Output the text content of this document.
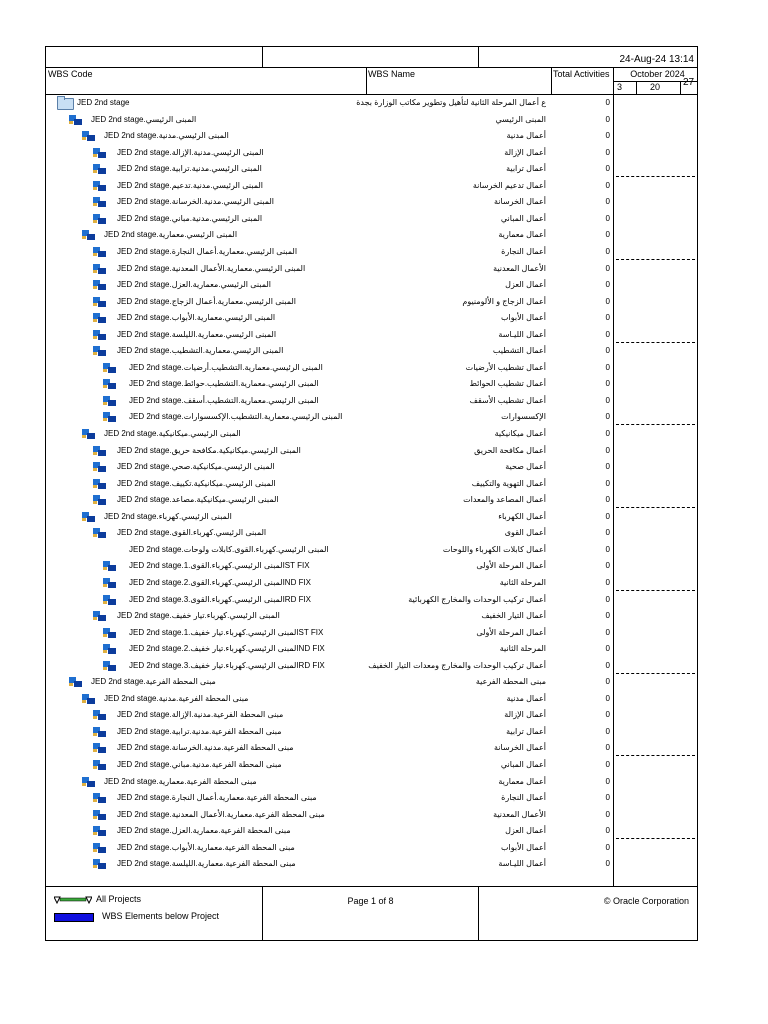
24-Aug-24 13:14
WBS Code	WBS Name	Total Activities	October 2024
3	20 27
JED 2nd stage	ع أعمال المرحلة الثانية لتأهيل وتطوير مكاتب الوزارة بجدة	0
JED 2nd stage.المبنى الرئيسي	المبنى الرئيسي	0
JED 2nd stage.المبنى الرئيسي.مدنية	أعمال مدنية	0
JED 2nd stage.المبنى الرئيسي.مدنية.الإزالة	أعمال الإزالة	0
JED 2nd stage.المبنى الرئيسي.مدنية.ترابية	أعمال ترابية	0
JED 2nd stage.المبنى الرئيسي.مدنية.تدعيم	أعمال تدعيم الخرسانة	0
JED 2nd stage.المبنى الرئيسي.مدنية.الخرسانة	أعمال الخرسانة	0
JED 2nd stage.المبنى الرئيسي.مدنية.مباني	أعمال المباني	0
JED 2nd stage.المبنى الرئيسي.معمارية	أعمال معمارية	0
JED 2nd stage.المبنى الرئيسي.معمارية.أعمال النجارة	أعمال النجارة	0
JED 2nd stage.المبنى الرئيسي.معمارية.الأعمال المعدنية	الأعمال المعدنية	0
JED 2nd stage.المبنى الرئيسي.معمارية.العزل	أعمال العزل	0
JED 2nd stage.المبنى الرئيسي.معمارية.أعمال الزجاج	أعمال الزجاج و الألومنيوم	0
JED 2nd stage.المبنى الرئيسي.معمارية.الأبواب	أعمال الأبواب	0
JED 2nd stage.المبنى الرئيسي.معمارية.الليلسة	أعمال الليـاسة	0
JED 2nd stage.المبنى الرئيسي.معمارية.التشطيب	أعمال التشطيب	0
JED 2nd stage.المبنى الرئيسي.معمارية.التشطيب.أرضيات	أعمال تشطيب الأرضيات	0
JED 2nd stage.المبنى الرئيسي.معمارية.التشطيب.حوائط	أعمال تشطيب الحوائط	0
JED 2nd stage.المبنى الرئيسي.معمارية.التشطيب.أسقف	أعمال تشطيب الأسقف	0
JED 2nd stage.المبنى الرئيسي.معمارية.التشطيب.الإكسسوارات	الإكسسوارات	0
JED 2nd stage.المبنى الرئيسي.ميكانيكية	أعمال ميكانيكية	0
JED 2nd stage.المبنى الرئيسي.ميكانيكية.مكافحة حريق	أعمال مكافحة الحريق	0
JED 2nd stage.المبنى الرئيسي.ميكانيكية.صحي	أعمال صحية	0
JED 2nd stage.المبنى الرئيسي.ميكانيكية.تكييف	أعمال التهوية والتكييف	0
JED 2nd stage.المبنى الرئيسي.ميكانيكية.مصاعد	أعمال المصاعد والمعدات	0
JED 2nd stage.المبنى الرئيسي.كهرباء	أعمال الكهرباء	0
JED 2nd stage.المبنى الرئيسي.كهرباء.القوى	أعمال القوى	0
JED 2nd stage.المبنى الرئيسي.كهرباء.القوى.كابلات ولوحات	أعمال كابلات الكهرباء واللوحات	0
JED 2nd stage.المبنى الرئيسي.كهرباء.القوى.1ST FIX	أعمال المرحلة الأولى	0
JED 2nd stage.المبنى الرئيسي.كهرباء.القوى.2ND FIX	المرحلة الثانية	0
JED 2nd stage.المبنى الرئيسي.كهرباء.القوى.3RD FIX	أعمال تركيب الوحدات والمخارج الكهربائية	0
JED 2nd stage.المبنى الرئيسي.كهرباء.تيار خفيف	أعمال التيار الخفيف	0
JED 2nd stage.المبنى الرئيسي.كهرباء.تيار خفيف.1ST FIX	أعمال المرحلة الأولى	0
JED 2nd stage.المبنى الرئيسي.كهرباء.تيار خفيف.2ND FIX	المرحلة الثانية	0
JED 2nd stage.المبنى الرئيسي.كهرباء.تيار خفيف.3RD FIX	أعمال تركيب الوحدات والمخارج ومعدات التيار الخفيف	0
JED 2nd stage.مبنى المحطة الفرعية	مبنى المحطة الفرعية	0
JED 2nd stage.مبنى المحطة الفرعية.مدنية	أعمال مدنية	0
JED 2nd stage.مبنى المحطة الفرعية.مدنية.الإزالة	أعمال الإزالة	0
JED 2nd stage.مبنى المحطة الفرعية.مدنية.ترابية	أعمال ترابية	0
JED 2nd stage.مبنى المحطة الفرعية.مدنية.الخرسانة	أعمال الخرسانة	0
JED 2nd stage.مبنى المحطة الفرعية.مدنية.مباني	أعمال المباني	0
JED 2nd stage.مبنى المحطة الفرعية.معمارية	أعمال معمارية	0
JED 2nd stage.مبنى المحطة الفرعية.معمارية.أعمال النجارة	أعمال النجارة	0
JED 2nd stage.مبنى المحطة الفرعية.معمارية.الأعمال المعدنية	الأعمال المعدنية	0
JED 2nd stage.مبنى المحطة الفرعية.معمارية.العزل	أعمال العزل	0
JED 2nd stage.مبنى المحطة الفرعية.معمارية.الأبواب	أعمال الأبواب	0
JED 2nd stage.مبنى المحطة الفرعية.معمارية.الليلسة	أعمال الليـاسة	0
All Projects
WBS Elements below Project
Page 1 of 8	© Oracle Corporation
